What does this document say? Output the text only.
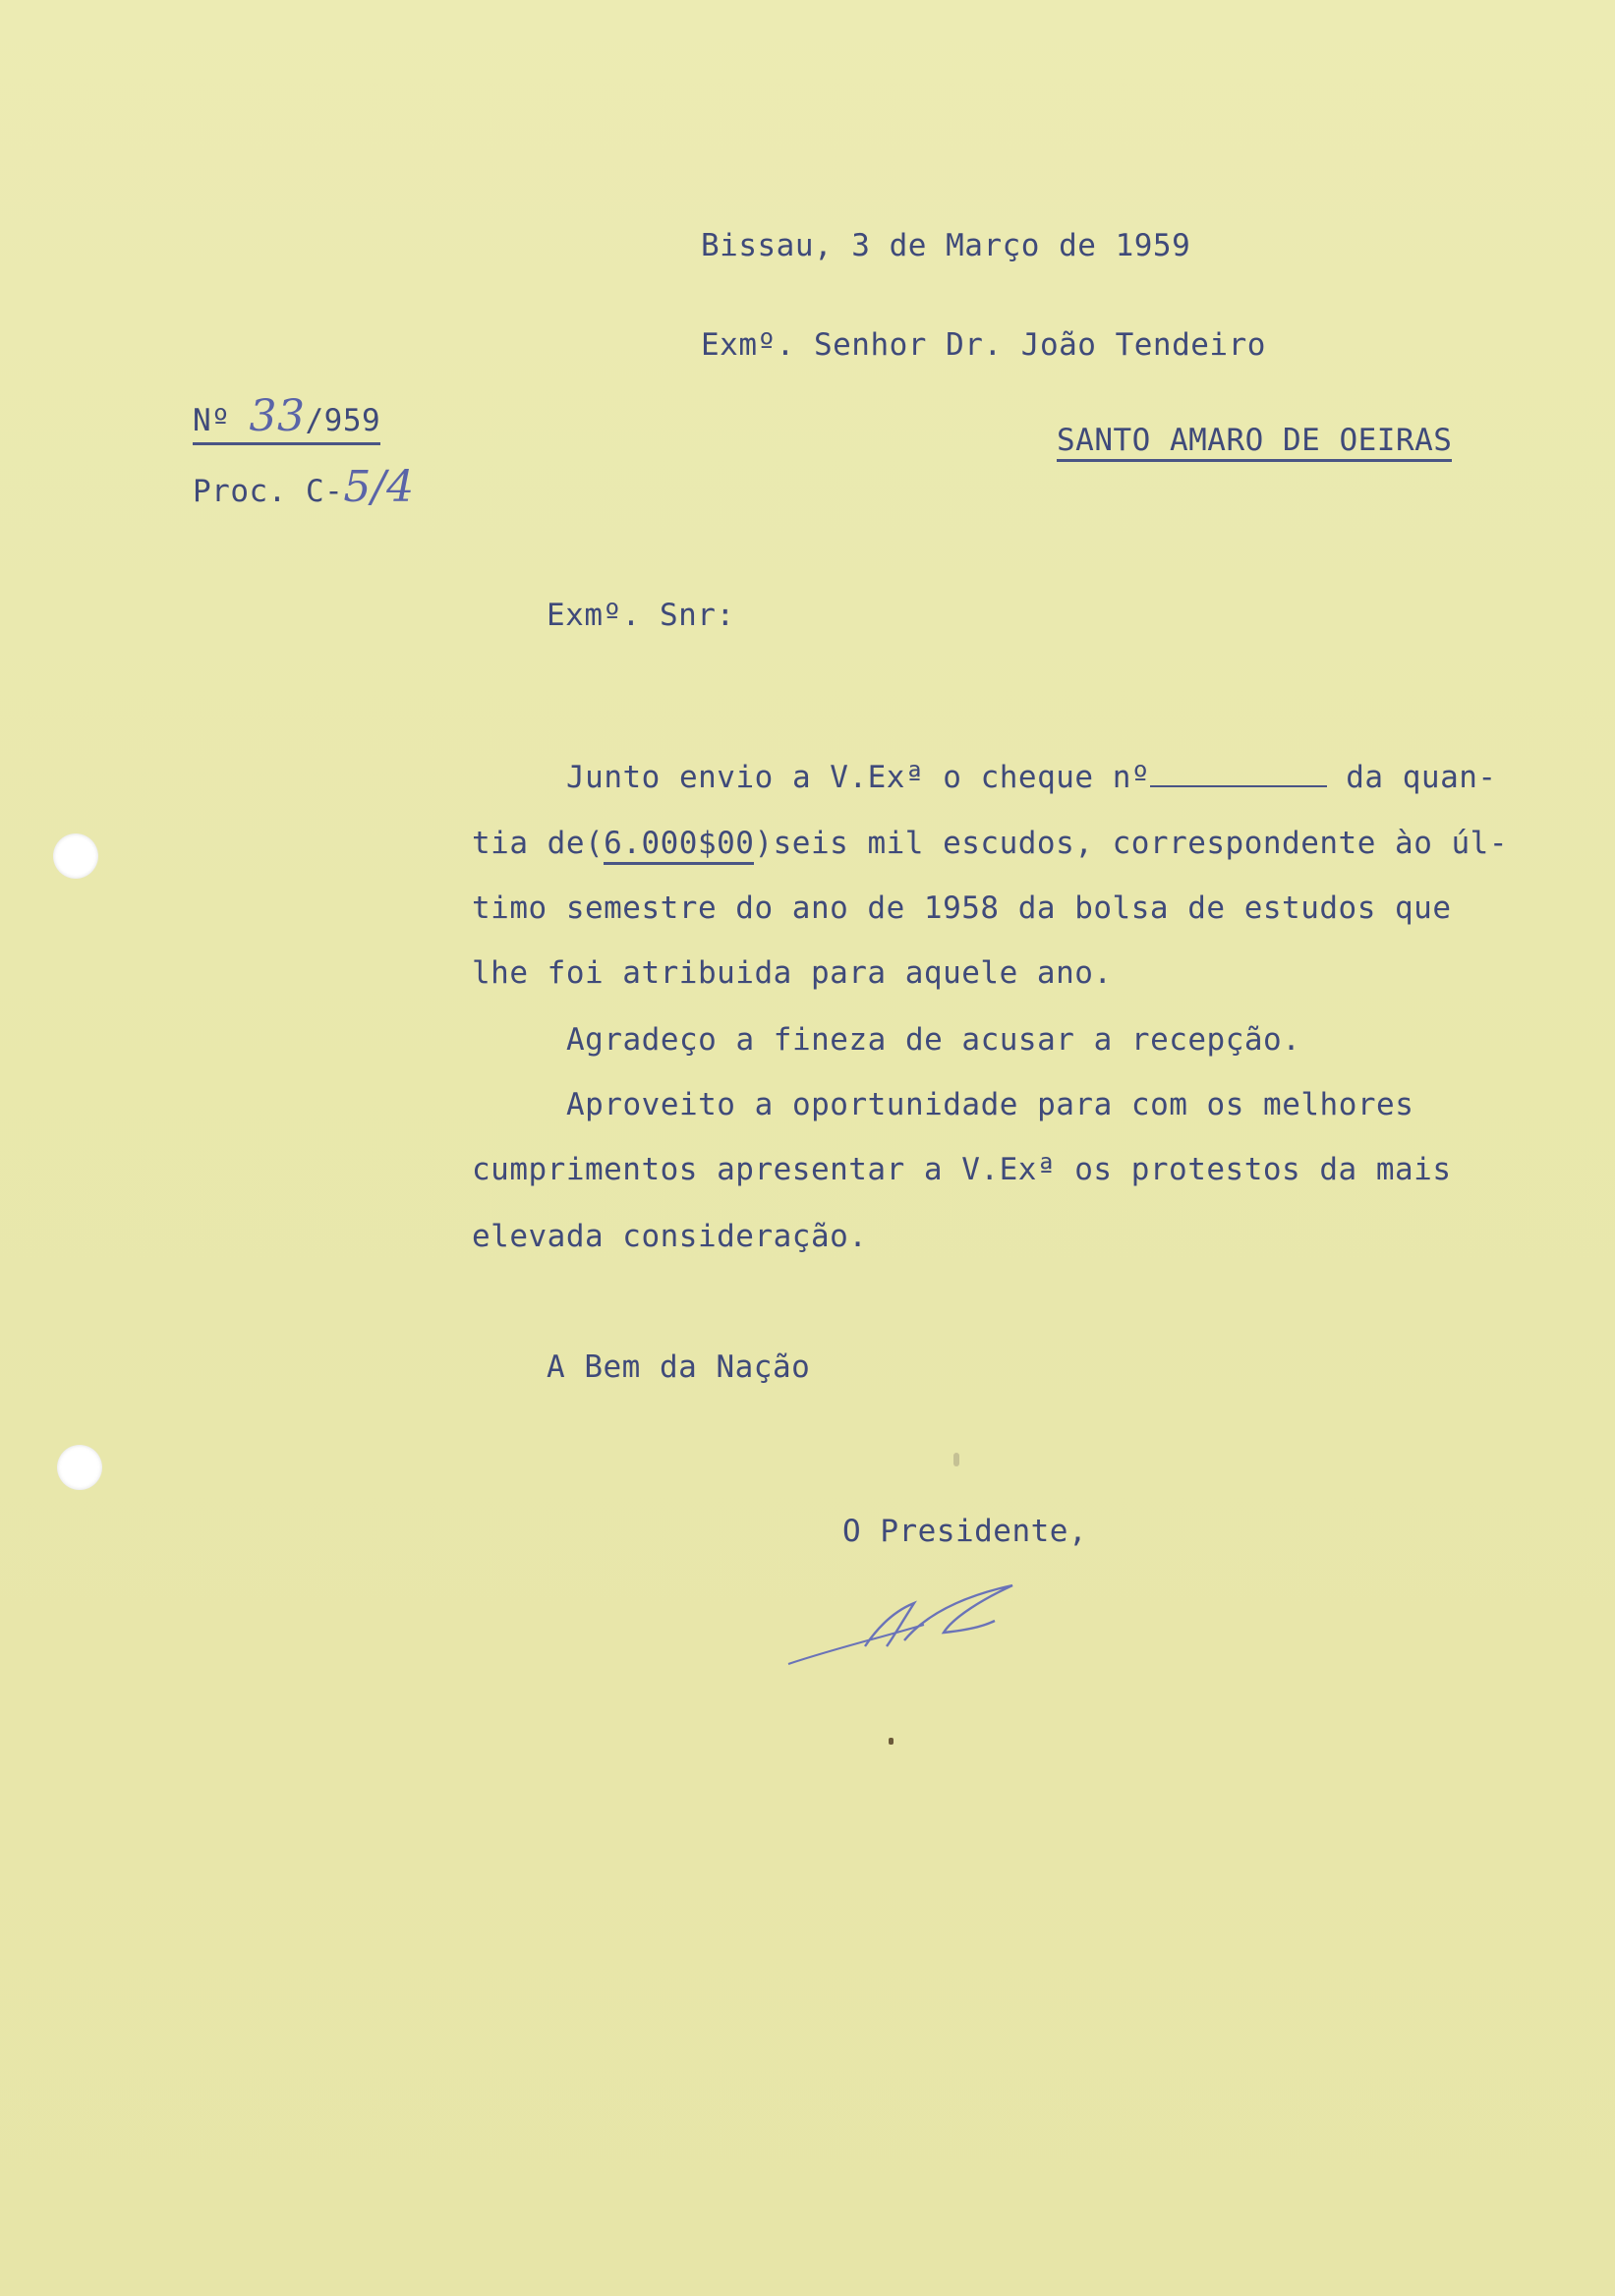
Bissau, 3 de Março de 1959
Exmº. Senhor Dr. João Tendeiro
SANTO AMARO DE OEIRAS
Nº 33/959
Proc. C-5/4
Exmº. Snr:
Junto envio a V.Exª o cheque nº	da quan-
tia de(6.000$00)seis mil escudos, correspondente ào úl-
timo semestre do ano de 1958 da bolsa de estudos que
lhe foi atribuida para aquele ano.
Agradeço a fineza de acusar a recepção.
Aproveito a oportunidade para com os melhores
cumprimentos apresentar a V.Exª os protestos da mais
elevada consideração.
A Bem da Nação
O Presidente,
